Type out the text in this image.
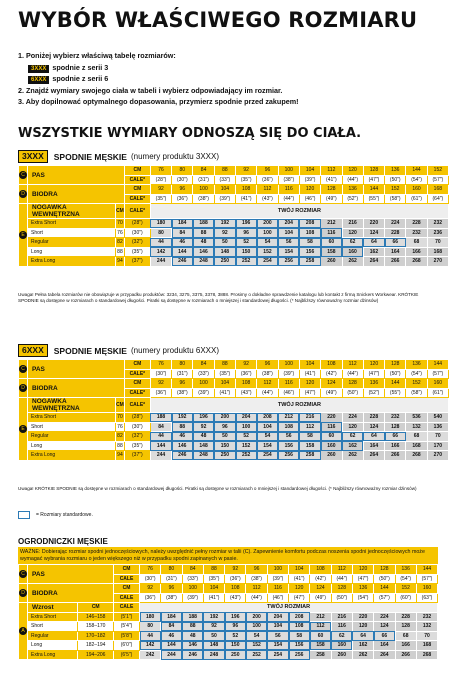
WYBÓR WŁAŚCIWEGO ROZMIARU
1. Poniżej wybierz właściwą tabelę rozmiarów:
3XXX spodnie z serii 3
6XXX spodnie z serii 6
2. Znajdź wymiary swojego ciała w tabeli i wybierz odpowiadający im rozmiar.
3. Aby dopilnować optymalnego dopasowania, przymierz spodnie przed zakupem!
WSZYSTKIE WYMIARY ODNOSZĄ SIĘ DO CIAŁA.
3XXX	SPODNIE MĘSKIE (numery produktu 3XXX)
C	PAS		CM	76	80	84	88	92	96	100	104	112	120	128	136	144	152
			CALE*	(28")	(30")	(31")	(33")	(35")	(36")	(38")	(39")	(41")	(44")	(47")	(50")	(54")	(57")
D	BIODRA		CM	92	96	100	104	108	112	116	120	128	136	144	152	160	168
			CALE*	(35")	(36")	(38")	(39")	(41")	(43")	(44")	(46")	(49")	(52")	(55")	(58")	(61")	(64")
E	NOGAWKA WEWNĘTRZNA	CM	CALE*	TWÓJ ROZMIAR													
	Extra Short	70	(28")	180	184	188	192	196	200	204	208	212	216	220	224	228	232
	Short	76	(30")	80	84	88	92	96	100	104	108	116	120	124	228	232	236
	Regular	82	(32")	44	46	48	50	52	54	56	58	60	62	64	66	68	70
	Long	88	(35")	142	144	146	148	150	152	154	156	158	160	162	164	166	168
	Extra Long	94	(37")	244	246	248	250	252	254	256	258	260	262	264	266	268	270
Uwaga! Pełna tabela rozmiarów nie obowiązuje w przypadku produktów: 3234, 3275, 3375, 3378, 3888. Prosimy o dokładne sprawdzenie katalogu lub kontakt z firmą Snickers Workwear. KRÓTKIE SPODNIE są dostępne w rozmiarach o standardowej długości. Piratki są dostępne w rozmiarach o mniejszej i standardowej długości. (* Najbliższy równoważny rozmiar dżinsów)
6XXX	SPODNIE MĘSKIE (numery produktu 6XXX)
C	PAS		CM	76	80	84	88	92	96	100	104	108	112	120	128	136	144
			CALE*	(30")	(31")	(33")	(35")	(36")	(38")	(39")	(41")	(42")	(44")	(47")	(50")	(54")	(57")
D	BIODRA		CM	92	96	100	104	108	112	116	120	124	128	136	144	152	160
			CALE*	(36")	(38")	(39")	(41")	(43")	(44")	(46")	(47")	(49")	(50")	(52")	(55")	(58")	(61")
E	NOGAWKA WEWNĘTRZNA	CM	CALE*	TWÓJ ROZMIAR													
	Extra Short	70	(28")	188	192	196	200	204	208	212	216	220	224	228	232	536	540
	Short	76	(30")	84	88	92	96	100	104	108	112	116	120	124	128	132	136
	Regular	82	(32")	44	46	48	50	52	54	56	58	60	62	64	66	68	70
	Long	88	(35")	144	146	148	150	152	154	156	158	160	162	164	166	168	170
	Extra Long	94	(37")	244	246	248	250	252	254	256	258	260	262	264	266	268	270
Uwaga! KRÓTKIE SPODNIE są dostępne w rozmiarach o standardowej długości. Piratki są dostępne w rozmiarach o mniejszej i standardowej długości. (* Najbliższy równoważny rozmiar dżinsów)
= Rozmiary standardowe.
OGRODNICZKI MĘSKIE
WAŻNE: Dobierając rozmiar spodni jednoczęściowych, należy uwzględnić pełny rozmiar w talii (C). Zapewnienie komfortu podczas noszenia spodni jednoczęściowych może wymagać wybrania rozmiaru o jeden większego niż w przypadku spodni zapinanych w pasie.
C	PAS		CM	76	80	84	88	92	96	100	104	108	112	120	128	136	144
			CALE	(30")	(31")	(33")	(35")	(36")	(38")	(39")	(41")	(42")	(44")	(47")	(50")	(54")	(57")
D	BIODRA		CM	92	96	100	104	108	112	116	120	124	128	136	144	152	160
			CALE	(36")	(38")	(39")	(41")	(43")	(44")	(46")	(47")	(49")	(50")	(54")	(57")	(60")	(63")
A	Wzrost	CM	CALE	TWÓJ ROZMIAR													
	Extra Short	146–158	(5'1")	180	184	188	192	196	200	204	208	212	216	220	224	228	232
	Short	158–170	(5'4")	80	84	88	92	96	100	104	108	112	116	120	124	128	132
	Regular	170–182	(5'8")	44	46	48	50	52	54	56	58	60	62	64	66	68	70
	Long	182–194	(6'0")	142	144	146	148	150	152	154	156	158	160	162	164	166	168
	Extra Long	194–206	(6'5")	242	244	246	248	250	252	254	256	258	260	262	264	266	268
